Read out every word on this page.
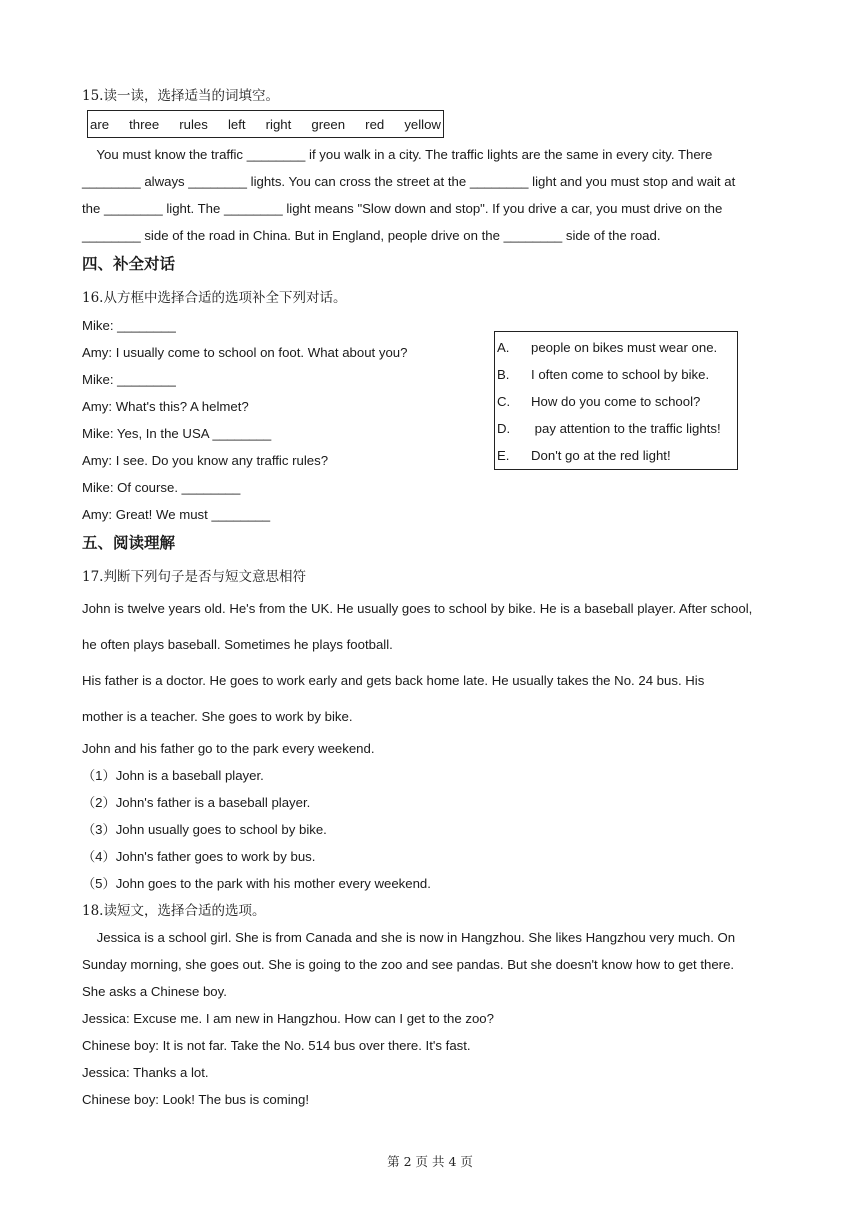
15.读一读，选择适当的词填空。
are three rules left right green red yellow
You must know the traffic ________ if you walk in a city. The traffic lights are the same in every city. There
________ always ________ lights. You can cross the street at the ________ light and you must stop and wait at
the ________ light. The ________ light means "Slow down and stop". If you drive a car, you must drive on the
________ side of the road in China. But in England, people drive on the ________ side of the road.
四、补全对话
16.从方框中选择合适的选项补全下列对话。
Mike: ________
Amy: I usually come to school on foot. What about you?
Mike: ________
Amy: What's this? A helmet?
Mike: Yes, In the USA ________
Amy: I see. Do you know any traffic rules?
Mike: Of course. ________
Amy: Great! We must ________
A. people on bikes must wear one.
B. I often come to school by bike.
C. How do you come to school?
D. pay attention to the traffic lights!
E. Don't go at the red light!
五、阅读理解
17.判断下列句子是否与短文意思相符
John is twelve years old. He's from the UK. He usually goes to school by bike. He is a baseball player. After school,
he often plays baseball. Sometimes he plays football.
His father is a doctor. He goes to work early and gets back home late. He usually takes the No. 24 bus. His
mother is a teacher. She goes to work by bike.
John and his father go to the park every weekend.
（1）John is a baseball player.
（2）John's father is a baseball player.
（3）John usually goes to school by bike.
（4）John's father goes to work by bus.
（5）John goes to the park with his mother every weekend.
18.读短文，选择合适的选项。
Jessica is a school girl. She is from Canada and she is now in Hangzhou. She likes Hangzhou very much. On
Sunday morning, she goes out. She is going to the zoo and see pandas. But she doesn't know how to get there.
She asks a Chinese boy.
Jessica: Excuse me. I am new in Hangzhou. How can I get to the zoo?
Chinese boy: It is not far. Take the No. 514 bus over there. It's fast.
Jessica: Thanks a lot.
Chinese boy: Look! The bus is coming!
第 2 页 共 4 页
